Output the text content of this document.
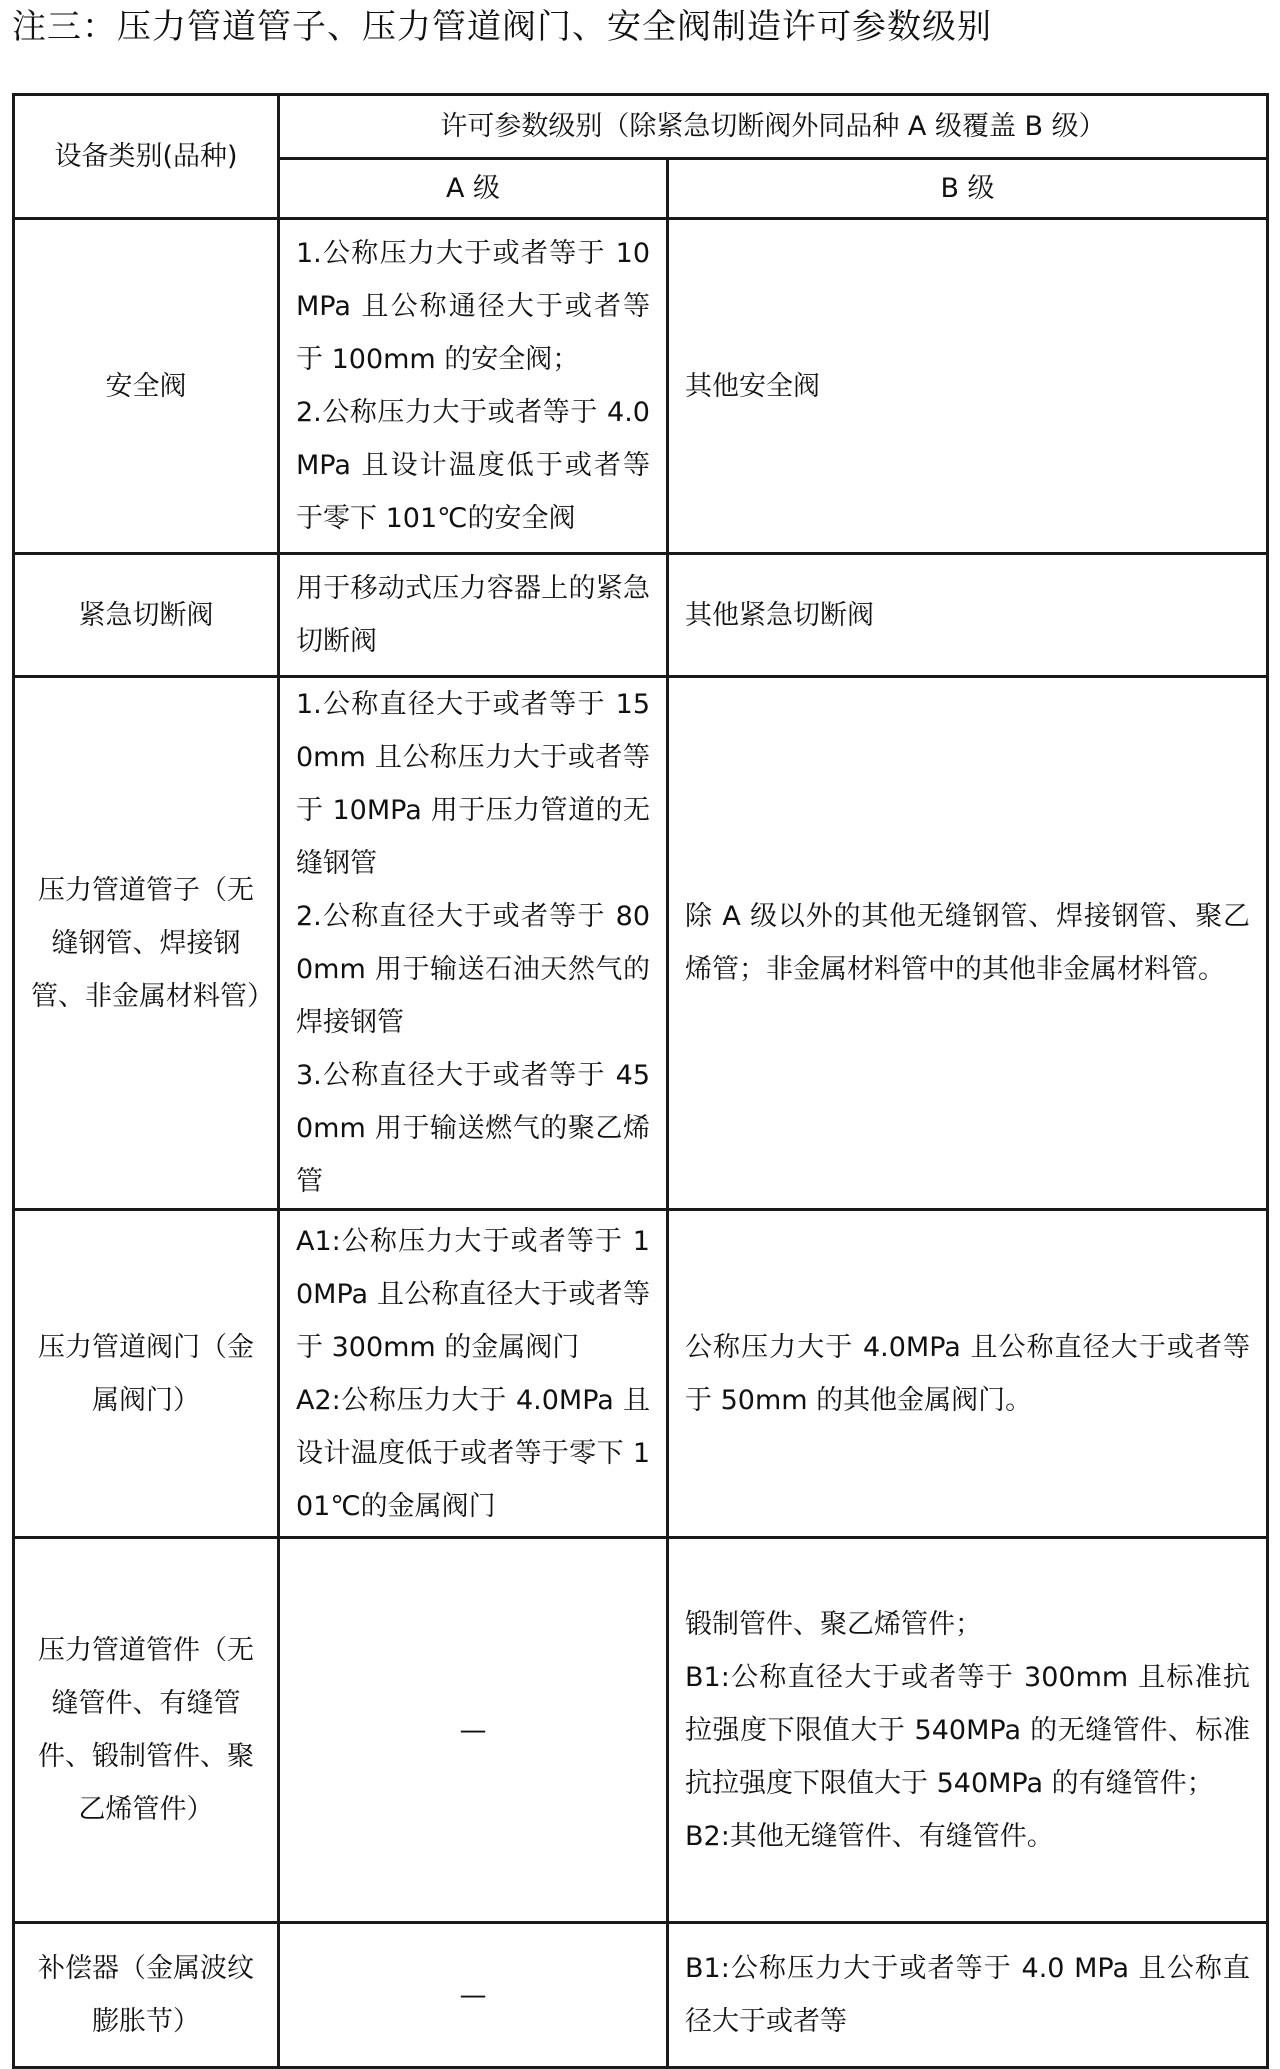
注三：压力管道管子、压力管道阀门、安全阀制造许可参数级别
设备类别(品种)	许可参数级别（除紧急切断阀外同品种 A 级覆盖 B 级）	
	A 级	B 级
安全阀	1.公称压力大于或者等于 10 MPa 且公称通径大于或者等于 100mm 的安全阀；
2.公称压力大于或者等于 4.0MPa 且设计温度低于或者等于零下 101℃的安全阀	其他安全阀

紧急切断阀	用于移动式压力容器上的紧急切断阀	其他紧急切断阀

压力管道管子（无缝钢管、焊接钢管、非金属材料管）	1.公称直径大于或者等于 150mm 且公称压力大于或者等于 10MPa 用于压力管道的无缝钢管
2.公称直径大于或者等于 800mm 用于输送石油天然气的焊接钢管
3.公称直径大于或者等于 450mm 用于输送燃气的聚乙烯管	除 A 级以外的其他无缝钢管、焊接钢管、聚乙烯管；非金属材料管中的其他非金属材料管。

压力管道阀门（金属阀门）	A1:公称压力大于或者等于 10MPa 且公称直径大于或者等于 300mm 的金属阀门
A2:公称压力大于 4.0MPa 且设计温度低于或者等于零下 101℃的金属阀门	公称压力大于 4.0MPa 且公称直径大于或者等于 50mm 的其他金属阀门。

压力管道管件（无缝管件、有缝管件、锻制管件、聚乙烯管件）	—	锻制管件、聚乙烯管件；
B1:公称直径大于或者等于 300mm 且标准抗拉强度下限值大于 540MPa 的无缝管件、标准抗拉强度下限值大于 540MPa 的有缝管件；
B2:其他无缝管件、有缝管件。

补偿器（金属波纹膨胀节）	—	B1:公称压力大于或者等于 4.0 MPa 且公称直径大于或者等
